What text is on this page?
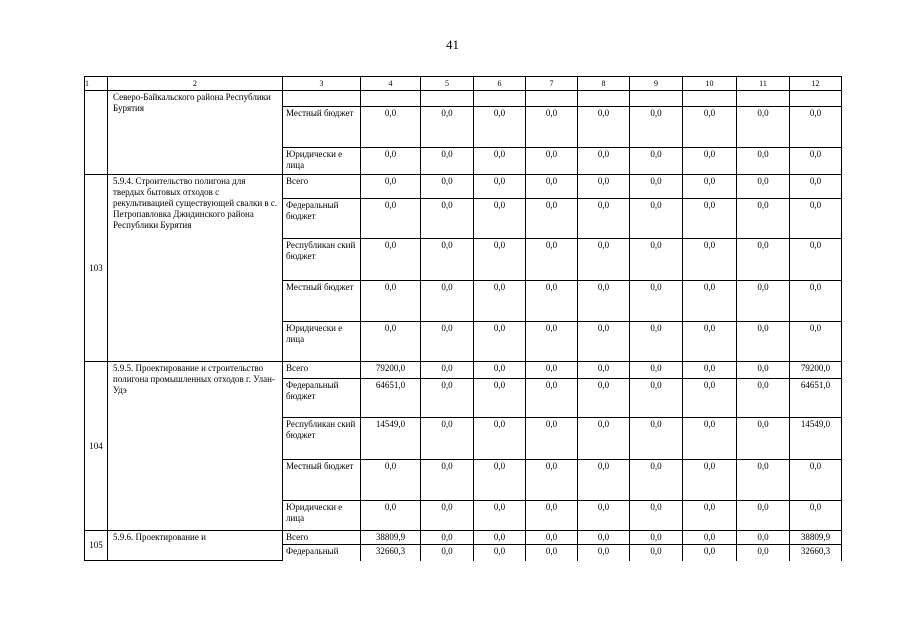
41
1	2	3	4	5	6	7	8	9	10	11	12
	Северо-Байкальского района Республики Бурятия										
		Местный бюджет	0,0	0,0	0,0	0,0	0,0	0,0	0,0	0,0	0,0
		Юридически е лица	0,0	0,0	0,0	0,0	0,0	0,0	0,0	0,0	0,0
103	5.9.4. Строительство полигона для твердых бытовых отходов с рекультивацией существующей свалки в с. Петропавловка Джидинского района Республики Бурятия	Всего	0,0	0,0	0,0	0,0	0,0	0,0	0,0	0,0	0,0
		Федеральный бюджет	0,0	0,0	0,0	0,0	0,0	0,0	0,0	0,0	0,0
		Республикан ский бюджет	0,0	0,0	0,0	0,0	0,0	0,0	0,0	0,0	0,0
		Местный бюджет	0,0	0,0	0,0	0,0	0,0	0,0	0,0	0,0	0,0
		Юридически е лица	0,0	0,0	0,0	0,0	0,0	0,0	0,0	0,0	0,0
104	5.9.5. Проектирование и строительство полигона промышленных отходов г. Улан-Удэ	Всего	79200,0	0,0	0,0	0,0	0,0	0,0	0,0	0,0	79200,0
		Федеральный бюджет	64651,0	0,0	0,0	0,0	0,0	0,0	0,0	0,0	64651,0
		Республикан ский бюджет	14549,0	0,0	0,0	0,0	0,0	0,0	0,0	0,0	14549,0
		Местный бюджет	0,0	0,0	0,0	0,0	0,0	0,0	0,0	0,0	0,0
		Юридически е лица	0,0	0,0	0,0	0,0	0,0	0,0	0,0	0,0	0,0
105	5.9.6. Проектирование и	Всего	38809,9	0,0	0,0	0,0	0,0	0,0	0,0	0,0	38809,9
		Федеральный	32660,3	0,0	0,0	0,0	0,0	0,0	0,0	0,0	32660,3
